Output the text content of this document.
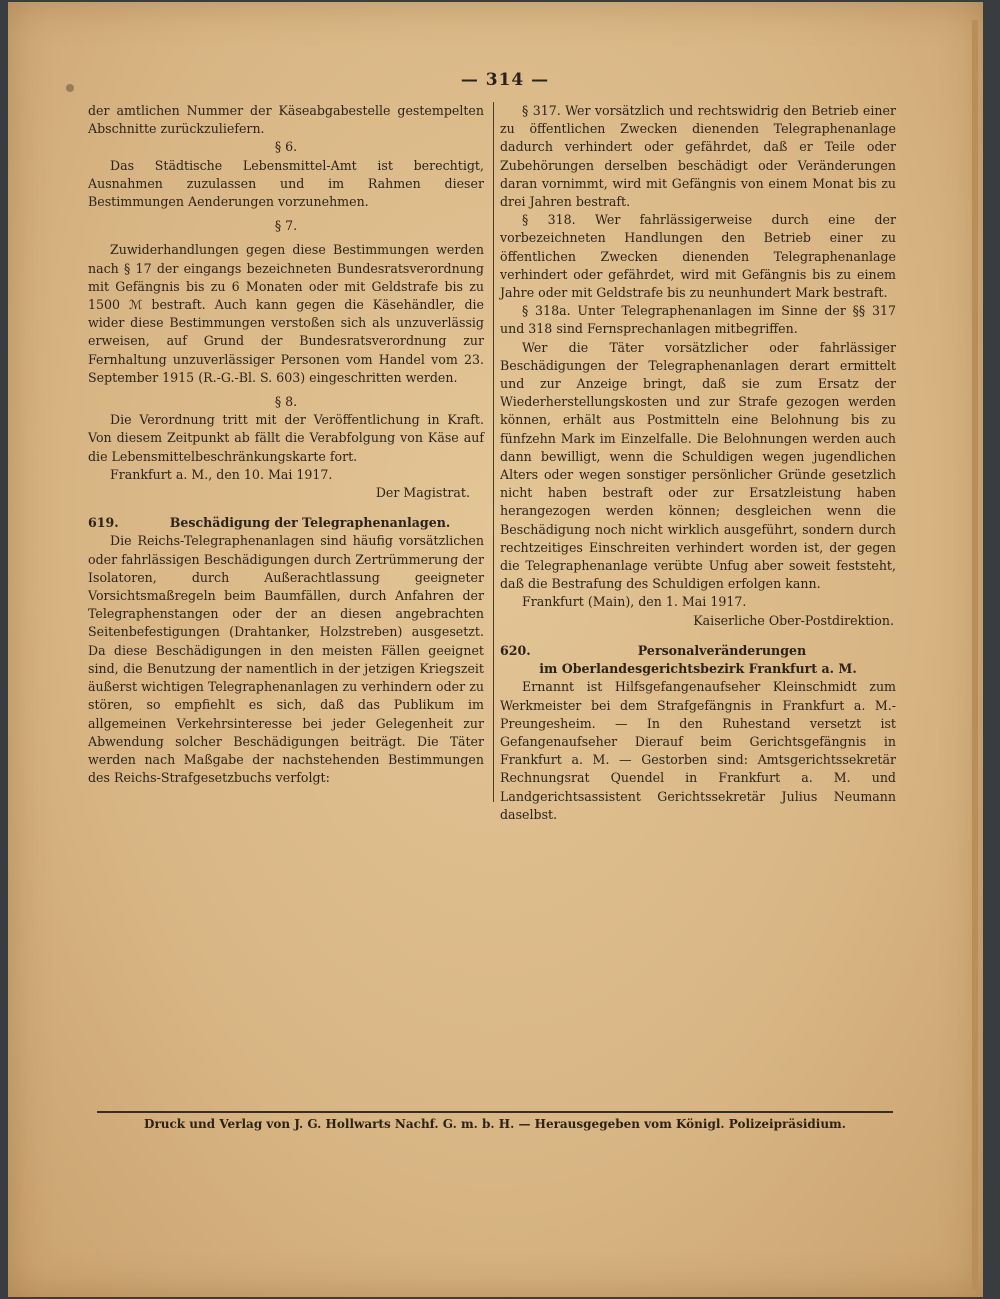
— 314 —

der amtlichen Nummer der Käseabgabestelle gestempelten Abschnitte zurückzuliefern.

§ 6.

Das Städtische Lebensmittel-Amt ist berechtigt, Ausnahmen zuzulassen und im Rahmen dieser Bestimmungen Aenderungen vorzunehmen.

§ 7.

Zuwiderhandlungen gegen diese Bestimmungen werden nach § 17 der eingangs bezeichneten Bundesratsverordnung mit Gefängnis bis zu 6 Monaten oder mit Geldstrafe bis zu 1500 ℳ bestraft. Auch kann gegen die Käsehändler, die wider diese Bestimmungen verstoßen sich als unzuverlässig erweisen, auf Grund der Bundesratsverordnung zur Fernhaltung unzuverlässiger Personen vom Handel vom 23. September 1915 (R.-G.-Bl. S. 603) eingeschritten werden.

§ 8.

Die Verordnung tritt mit der Veröffentlichung in Kraft. Von diesem Zeitpunkt ab fällt die Verabfolgung von Käse auf die Lebensmittelbeschränkungskarte fort.

Frankfurt a. M., den 10. Mai 1917.

Der Magistrat.

619.	Beschädigung der Telegraphenanlagen.

Die Reichs-Telegraphenanlagen sind häufig vorsätzlichen oder fahrlässigen Beschädigungen durch Zertrümmerung der Isolatoren, durch Außerachtlassung geeigneter Vorsichtsmaßregeln beim Baumfällen, durch Anfahren der Telegraphenstangen oder der an diesen angebrachten Seitenbefestigungen (Drahtanker, Holzstreben) ausgesetzt. Da diese Beschädigungen in den meisten Fällen geeignet sind, die Benutzung der namentlich in der jetzigen Kriegszeit äußerst wichtigen Telegraphenanlagen zu verhindern oder zu stören, so empfiehlt es sich, daß das Publikum im allgemeinen Verkehrsinteresse bei jeder Gelegenheit zur Abwendung solcher Beschädigungen beiträgt. Die Täter werden nach Maßgabe der nachstehenden Bestimmungen des Reichs-Strafgesetzbuchs verfolgt:

§ 317. Wer vorsätzlich und rechtswidrig den Betrieb einer zu öffentlichen Zwecken dienenden Telegraphenanlage dadurch verhindert oder gefährdet, daß er Teile oder Zubehörungen derselben beschädigt oder Veränderungen daran vornimmt, wird mit Gefängnis von einem Monat bis zu drei Jahren bestraft.

§ 318. Wer fahrlässigerweise durch eine der vorbezeichneten Handlungen den Betrieb einer zu öffentlichen Zwecken dienenden Telegraphenanlage verhindert oder gefährdet, wird mit Gefängnis bis zu einem Jahre oder mit Geldstrafe bis zu neunhundert Mark bestraft.

§ 318a. Unter Telegraphenanlagen im Sinne der §§ 317 und 318 sind Fernsprechanlagen mitbegriffen.

Wer die Täter vorsätzlicher oder fahrlässiger Beschädigungen der Telegraphenanlagen derart ermittelt und zur Anzeige bringt, daß sie zum Ersatz der Wiederherstellungskosten und zur Strafe gezogen werden können, erhält aus Postmitteln eine Belohnung bis zu fünfzehn Mark im Einzelfalle. Die Belohnungen werden auch dann bewilligt, wenn die Schuldigen wegen jugendlichen Alters oder wegen sonstiger persönlicher Gründe gesetzlich nicht haben bestraft oder zur Ersatzleistung haben herangezogen werden können; desgleichen wenn die Beschädigung noch nicht wirklich ausgeführt, sondern durch rechtzeitiges Einschreiten verhindert worden ist, der gegen die Telegraphenanlage verübte Unfug aber soweit feststeht, daß die Bestrafung des Schuldigen erfolgen kann.

Frankfurt (Main), den 1. Mai 1917.

Kaiserliche Ober-Postdirektion.

620.	Personalveränderungen

im Oberlandesgerichtsbezirk Frankfurt a. M.

Ernannt ist Hilfsgefangenaufseher Kleinschmidt zum Werkmeister bei dem Strafgefängnis in Frankfurt a. M.-Preungesheim. — In den Ruhestand versetzt ist Gefangenaufseher Dierauf beim Gerichtsgefängnis in Frankfurt a. M. — Gestorben sind: Amtsgerichtssekretär Rechnungsrat Quendel in Frankfurt a. M. und Landgerichtsassistent Gerichtssekretär Julius Neumann daselbst.

Druck und Verlag von J. G. Hollwarts Nachf. G. m. b. H. — Herausgegeben vom Königl. Polizeipräsidium.
